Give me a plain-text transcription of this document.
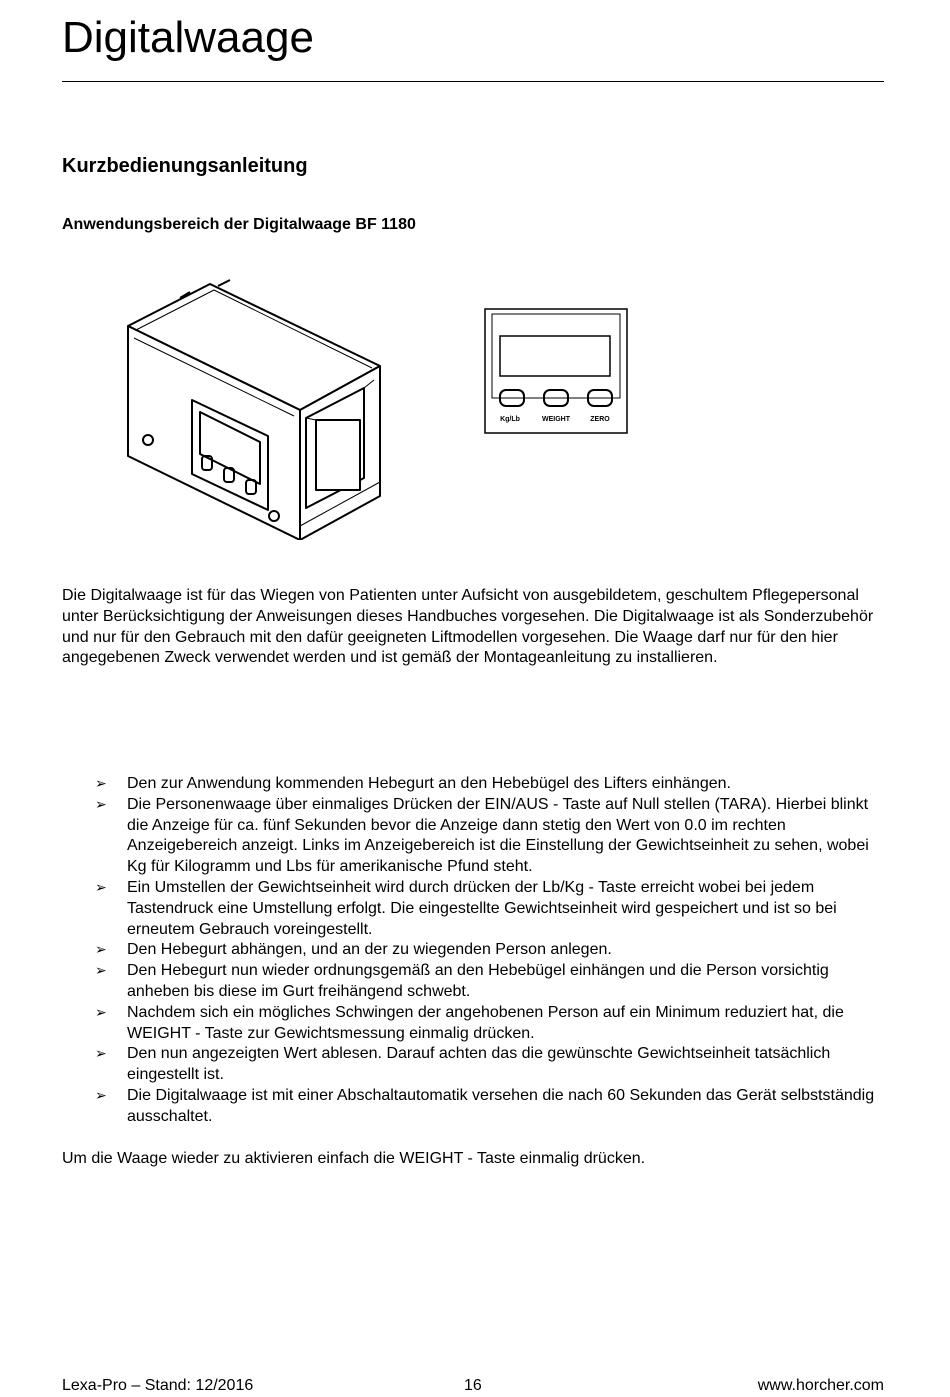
Digitalwaage
Kurzbedienungsanleitung
Anwendungsbereich der Digitalwaage BF 1180
Kg/Lb	WEIGHT	ZERO

Die Digitalwaage ist für das Wiegen von Patienten unter Aufsicht von ausgebildetem, geschultem Pflegepersonal unter Berücksichtigung der Anweisungen dieses Handbuches vorgesehen. Die Digitalwaage ist als Sonderzubehör und nur für den Gebrauch mit den dafür geeigneten Liftmodellen vorgesehen. Die Waage darf nur für den hier angegebenen Zweck verwendet werden und ist gemäß der Montageanleitung zu installieren.

➢ Den zur Anwendung kommenden Hebegurt an den Hebebügel des Lifters einhängen.
➢ Die Personenwaage über einmaliges Drücken der EIN/AUS - Taste auf Null stellen (TARA). Hierbei blinkt die Anzeige für ca. fünf Sekunden bevor die Anzeige dann stetig den Wert von 0.0 im rechten Anzeigebereich anzeigt. Links im Anzeigebereich ist die Einstellung der Gewichtseinheit zu sehen, wobei Kg für Kilogramm und Lbs für amerikanische Pfund steht.
➢ Ein Umstellen der Gewichtseinheit wird durch drücken der Lb/Kg - Taste erreicht wobei bei jedem Tastendruck eine Umstellung erfolgt. Die eingestellte Gewichtseinheit wird gespeichert und ist so bei erneutem Gebrauch voreingestellt.
➢ Den Hebegurt abhängen, und an der zu wiegenden Person anlegen.
➢ Den Hebegurt nun wieder ordnungsgemäß an den Hebebügel einhängen und die Person vorsichtig anheben bis diese im Gurt freihängend schwebt.
➢ Nachdem sich ein mögliches Schwingen der angehobenen Person auf ein Minimum reduziert hat, die WEIGHT - Taste zur Gewichtsmessung einmalig drücken.
➢ Den nun angezeigten Wert ablesen. Darauf achten das die gewünschte Gewichtseinheit tatsächlich eingestellt ist.
➢ Die Digitalwaage ist mit einer Abschaltautomatik versehen die nach 60 Sekunden das Gerät selbstständig ausschaltet.

Um die Waage wieder zu aktivieren einfach die WEIGHT - Taste einmalig drücken.

Lexa-Pro – Stand: 12/2016	16	www.horcher.com
